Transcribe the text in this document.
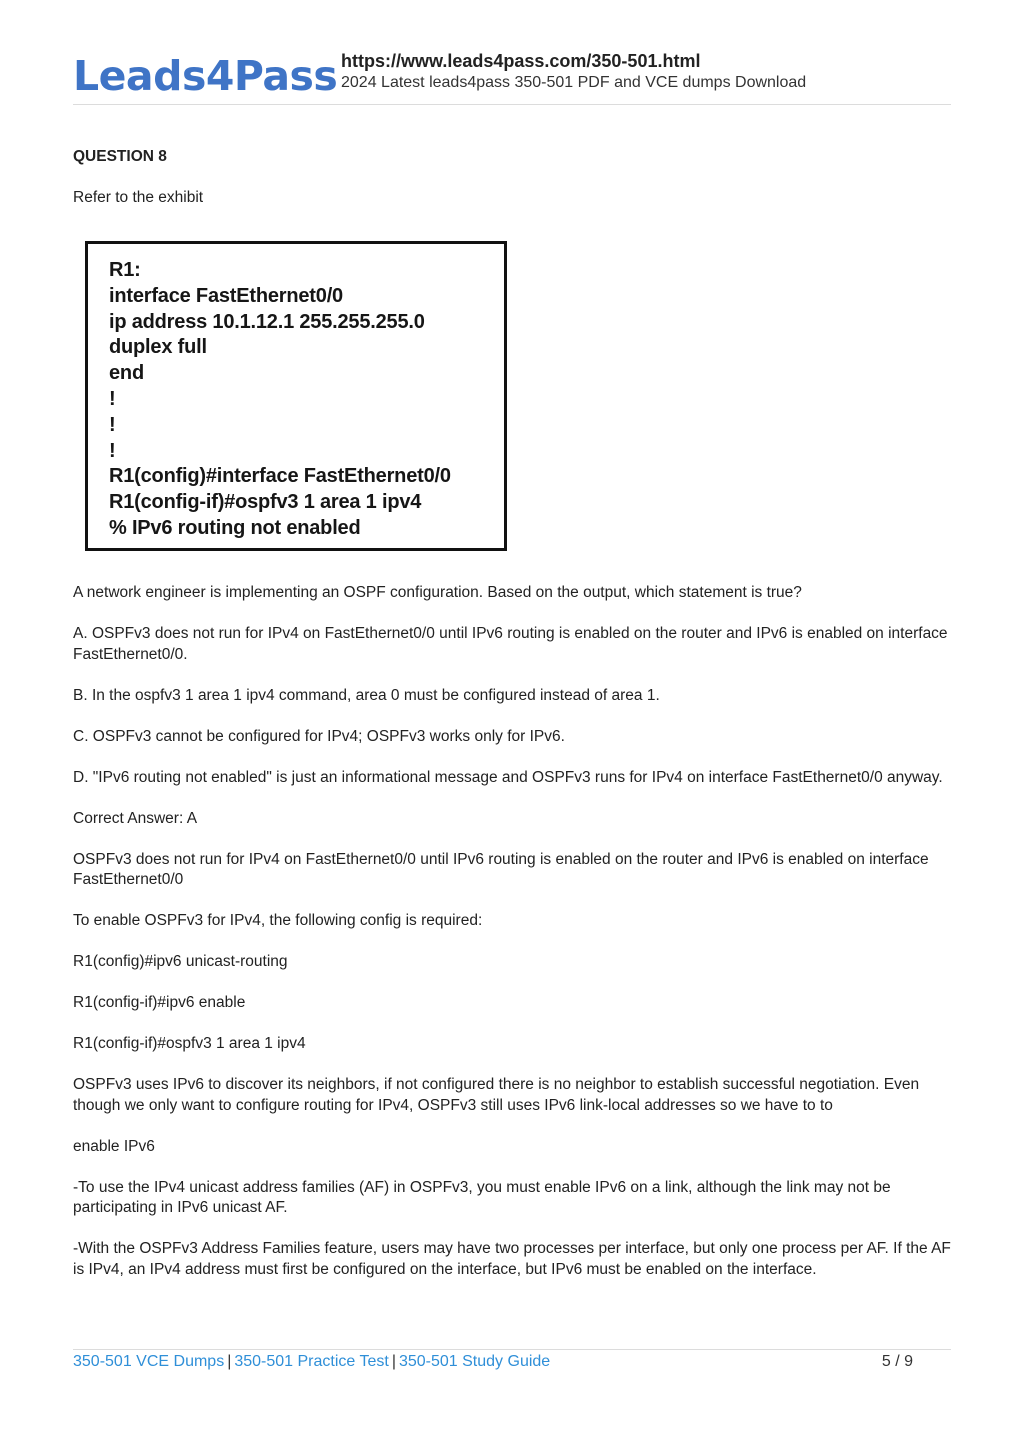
Leads4Pass https://www.leads4pass.com/350-501.html
2024 Latest leads4pass 350-501 PDF and VCE dumps Download

QUESTION 8

Refer to the exhibit

R1:
interface FastEthernet0/0
ip address 10.1.12.1 255.255.255.0
duplex full
end
!
!
!
R1(config)#interface FastEthernet0/0
R1(config-if)#ospfv3 1 area 1 ipv4
% IPv6 routing not enabled

A network engineer is implementing an OSPF configuration. Based on the output, which statement is true?

A. OSPFv3 does not run for IPv4 on FastEthernet0/0 until IPv6 routing is enabled on the router and IPv6 is enabled on interface FastEthernet0/0.

B. In the ospfv3 1 area 1 ipv4 command, area 0 must be configured instead of area 1.

C. OSPFv3 cannot be configured for IPv4; OSPFv3 works only for IPv6.

D. "IPv6 routing not enabled" is just an informational message and OSPFv3 runs for IPv4 on interface FastEthernet0/0 anyway.

Correct Answer: A

OSPFv3 does not run for IPv4 on FastEthernet0/0 until IPv6 routing is enabled on the router and IPv6 is enabled on interface FastEthernet0/0

To enable OSPFv3 for IPv4, the following config is required:

R1(config)#ipv6 unicast-routing

R1(config-if)#ipv6 enable

R1(config-if)#ospfv3 1 area 1 ipv4

OSPFv3 uses IPv6 to discover its neighbors, if not configured there is no neighbor to establish successful negotiation. Even though we only want to configure routing for IPv4, OSPFv3 still uses IPv6 link-local addresses so we have to to

enable IPv6

-To use the IPv4 unicast address families (AF) in OSPFv3, you must enable IPv6 on a link, although the link may not be participating in IPv6 unicast AF.

-With the OSPFv3 Address Families feature, users may have two processes per interface, but only one process per AF. If the AF is IPv4, an IPv4 address must first be configured on the interface, but IPv6 must be enabled on the interface.

350-501 VCE Dumps | 350-501 Practice Test | 350-501 Study Guide	5 / 9
